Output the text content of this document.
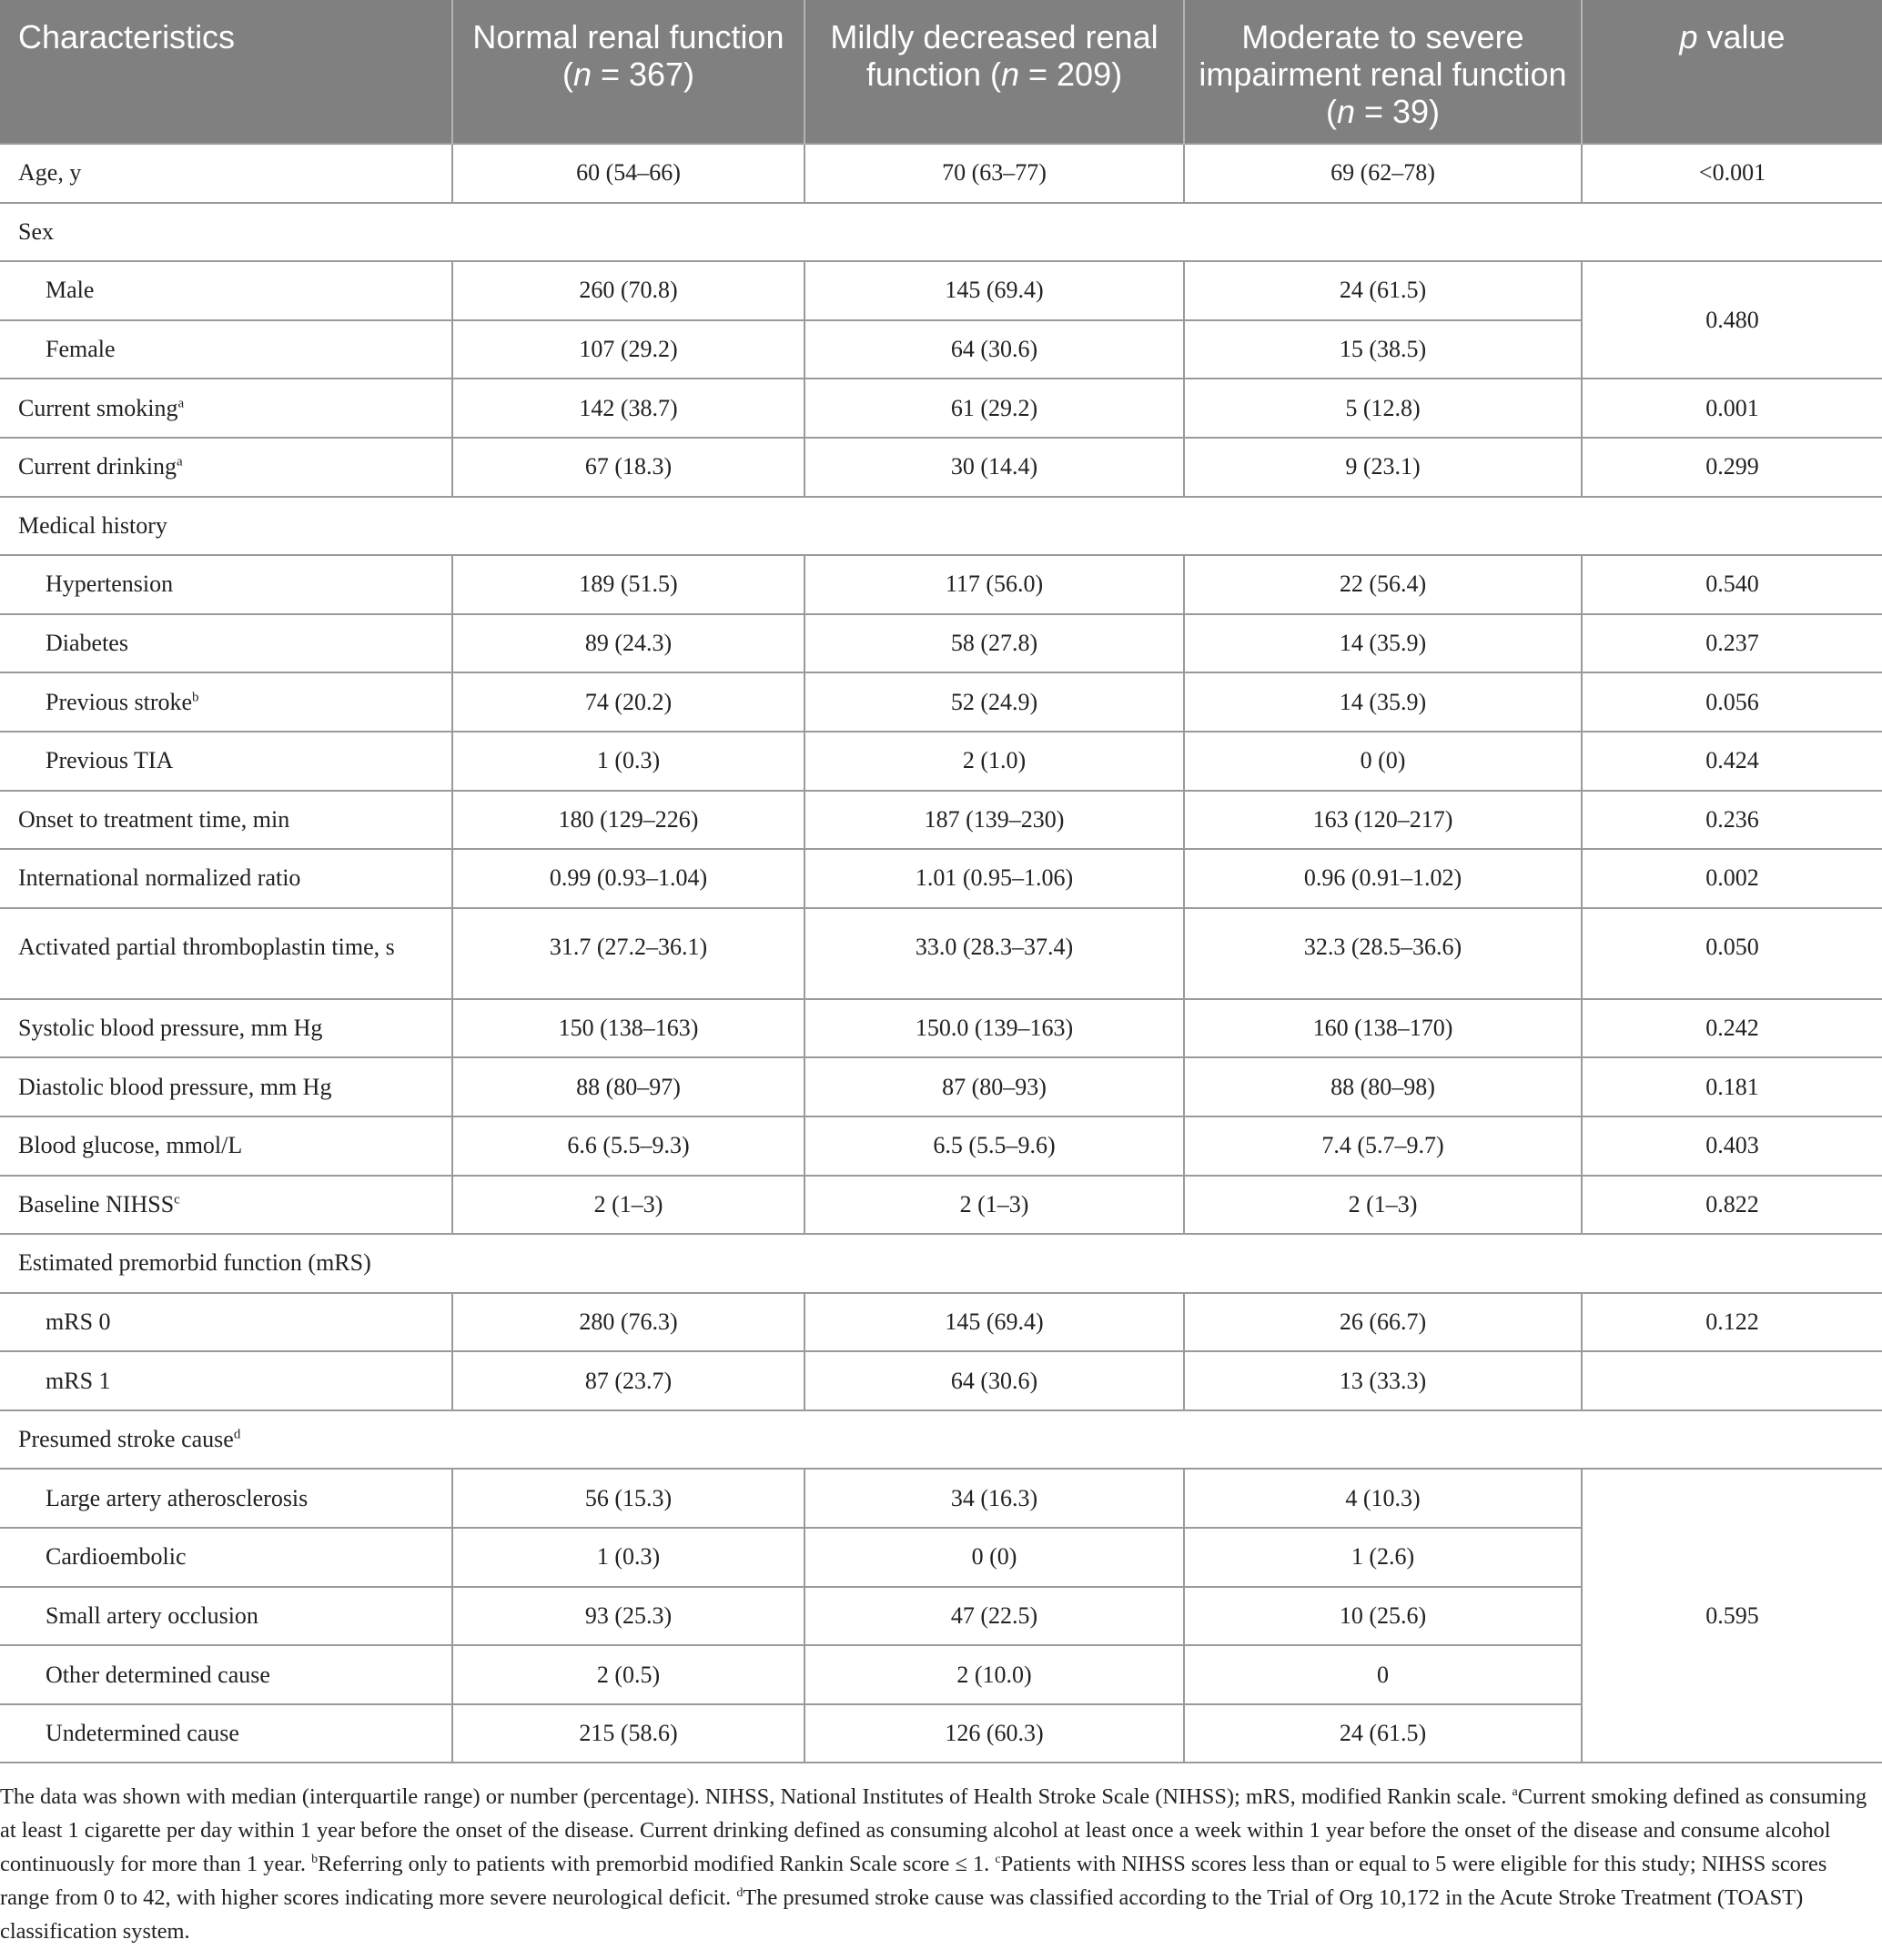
Characteristics	Normal renal function (n = 367)	Mildly decreased renal function (n = 209)	Moderate to severe impairment renal function (n = 39)	p value
Age, y	60 (54–66)	70 (63–77)	69 (62–78)	<0.001
Sex				
Male	260 (70.8)	145 (69.4)	24 (61.5)	0.480
Female	107 (29.2)	64 (30.6)	15 (38.5)	
Current smoking$^a$	142 (38.7)	61 (29.2)	5 (12.8)	0.001
Current drinking$^a$	67 (18.3)	30 (14.4)	9 (23.1)	0.299
Medical history				
Hypertension	189 (51.5)	117 (56.0)	22 (56.4)	0.540
Diabetes	89 (24.3)	58 (27.8)	14 (35.9)	0.237
Previous stroke$^b$	74 (20.2)	52 (24.9)	14 (35.9)	0.056
Previous TIA	1 (0.3)	2 (1.0)	0 (0)	0.424
Onset to treatment time, min	180 (129–226)	187 (139–230)	163 (120–217)	0.236
International normalized ratio	0.99 (0.93–1.04)	1.01 (0.95–1.06)	0.96 (0.91–1.02)	0.002
Activated partial thromboplastin time, s	31.7 (27.2–36.1)	33.0 (28.3–37.4)	32.3 (28.5–36.6)	0.050
Systolic blood pressure, mm Hg	150 (138–163)	150.0 (139–163)	160 (138–170)	0.242
Diastolic blood pressure, mm Hg	88 (80–97)	87 (80–93)	88 (80–98)	0.181
Blood glucose, mmol/L	6.6 (5.5–9.3)	6.5 (5.5–9.6)	7.4 (5.7–9.7)	0.403
Baseline NIHSS$^c$	2 (1–3)	2 (1–3)	2 (1–3)	0.822
Estimated premorbid function (mRS)				
mRS 0	280 (76.3)	145 (69.4)	26 (66.7)	0.122
mRS 1	87 (23.7)	64 (30.6)	13 (33.3)	
Presumed stroke cause$^d$
Large artery atherosclerosis	56 (15.3)	34 (16.3)	4 (10.3)	0.595
Cardioembolic	1 (0.3)	0 (0)	1 (2.6)	
Small artery occlusion	93 (25.3)	47 (22.5)	10 (25.6)	
Other determined cause	2 (0.5)	2 (10.0)	0	
Undetermined cause	215 (58.6)	126 (60.3)	24 (61.5)	
The data was shown with median (interquartile range) or number (percentage). NIHSS, National Institutes of Health Stroke Scale (NIHSS); mRS, modified Rankin scale. $^a$Current smoking defined as consuming at least 1 cigarette per day within 1 year before the onset of the disease. Current drinking defined as consuming alcohol at least once a week within 1 year before the onset of the disease and consume alcohol continuously for more than 1 year. $^b$Referring only to patients with premorbid modified Rankin Scale score ≤ 1. $^c$Patients with NIHSS scores less than or equal to 5 were eligible for this study; NIHSS scores range from 0 to 42, with higher scores indicating more severe neurological deficit. $^d$The presumed stroke cause was classified according to the Trial of Org 10,172 in the Acute Stroke Treatment (TOAST) classification system.
